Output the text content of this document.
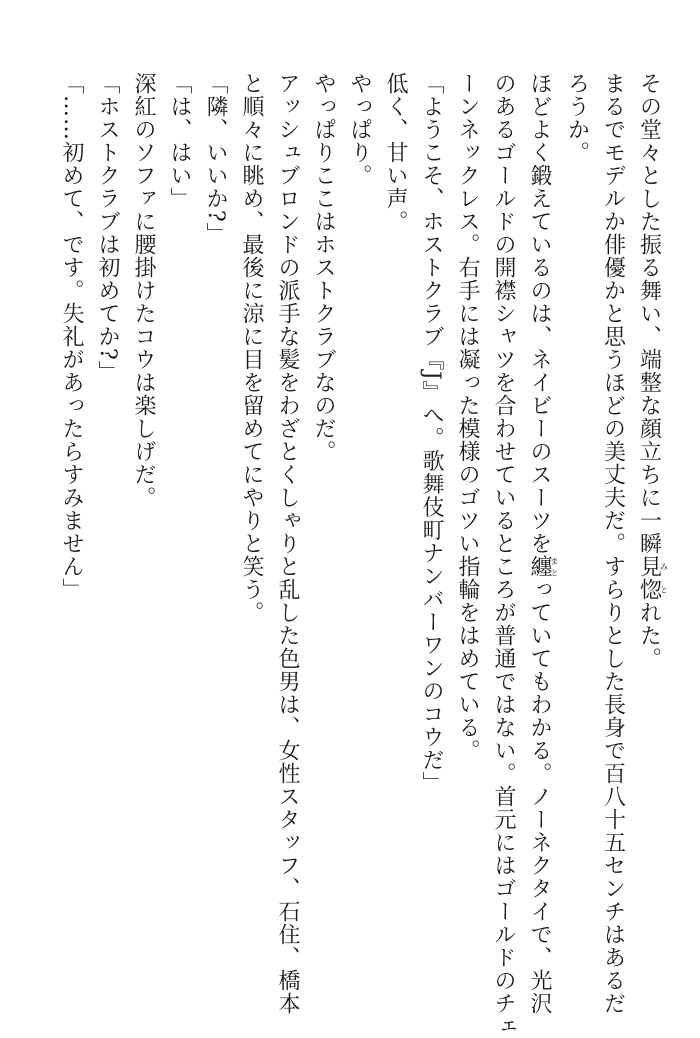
その堂々とした振る舞い、端整な顔立ちに一瞬見惚みとれた。
まるでモデルか俳優かと思うほどの美丈夫だ。すらりとした長身で百八十五センチはあるだ
ろうか。
ほどよく鍛えているのは、ネイビーのスーツを纏まとっていてもわかる。ノーネクタイで、光沢
のあるゴールドの開襟シャツを合わせているところが普通ではない。首元にはゴールドのチェ
ーンネックレス。右手には凝った模様のゴツい指輪をはめている。
「ようこそ、ホストクラブ『J』へ。歌舞伎町ナンバーワンのコウだ」
低く、甘い声。
やっぱり。
やっぱりここはホストクラブなのだ。
アッシュブロンドの派手な髪をわざとくしゃりと乱した色男は、女性スタッフ、石住、橋本
と順々に眺め、最後に涼に目を留めてにやりと笑う。
「隣、いいか?」
「は、はい」
深紅のソファに腰掛けたコウは楽しげだ。
「ホストクラブは初めてか?」
「……初めて、です。失礼があったらすみません」
